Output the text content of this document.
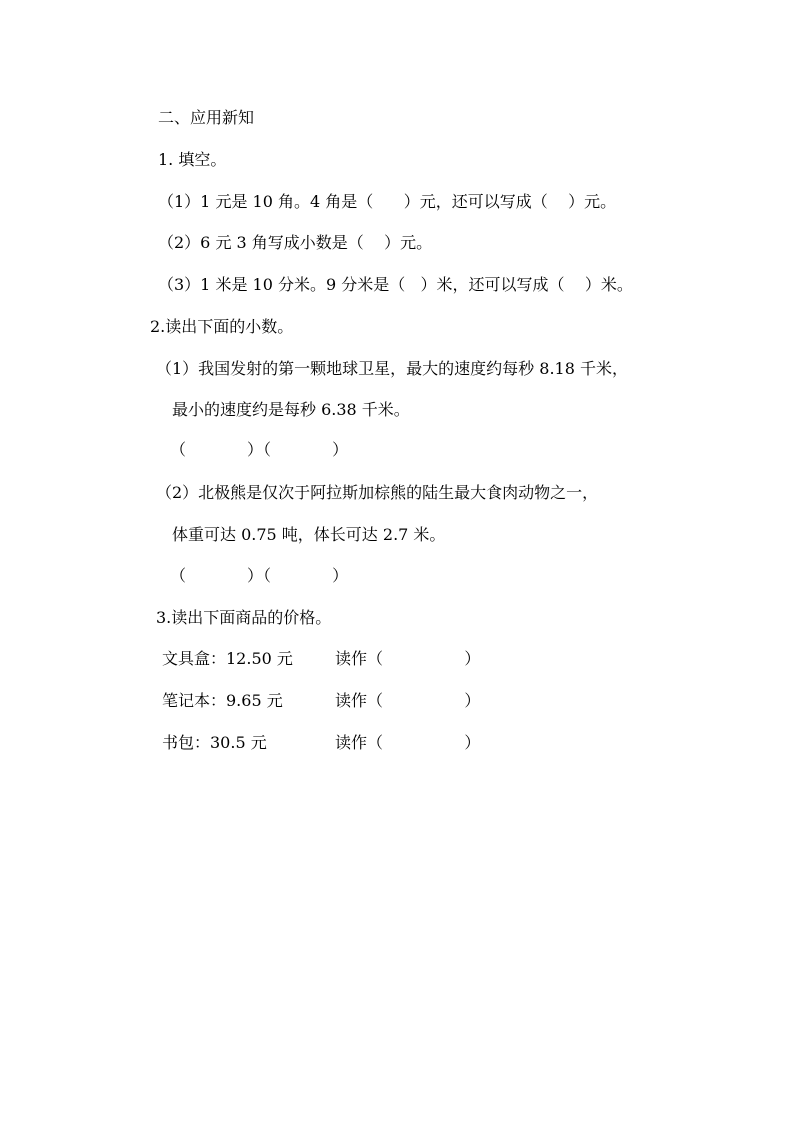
二、应用新知
1. 填空。
（1）1 元是 10 角。4 角是（      ）元，还可以写成（    ）元。
（2）6 元 3 角写成小数是（    ）元。
（3）1 米是 10 分米。9 分米是（   ）米，还可以写成（    ）米。
2.读出下面的小数。
（1）我国发射的第一颗地球卫星，最大的速度约每秒 8.18 千米，
最小的速度约是每秒 6.38 千米。
（            ）（            ）
（2）北极熊是仅次于阿拉斯加棕熊的陆生最大食肉动物之一，
体重可达 0.75 吨，体长可达 2.7 米。
（            ）（            ）
3.读出下面商品的价格。
文具盒：12.50 元	读作（                ）
笔记本：9.65 元	读作（                ）
书包：30.5 元	读作（                ）
